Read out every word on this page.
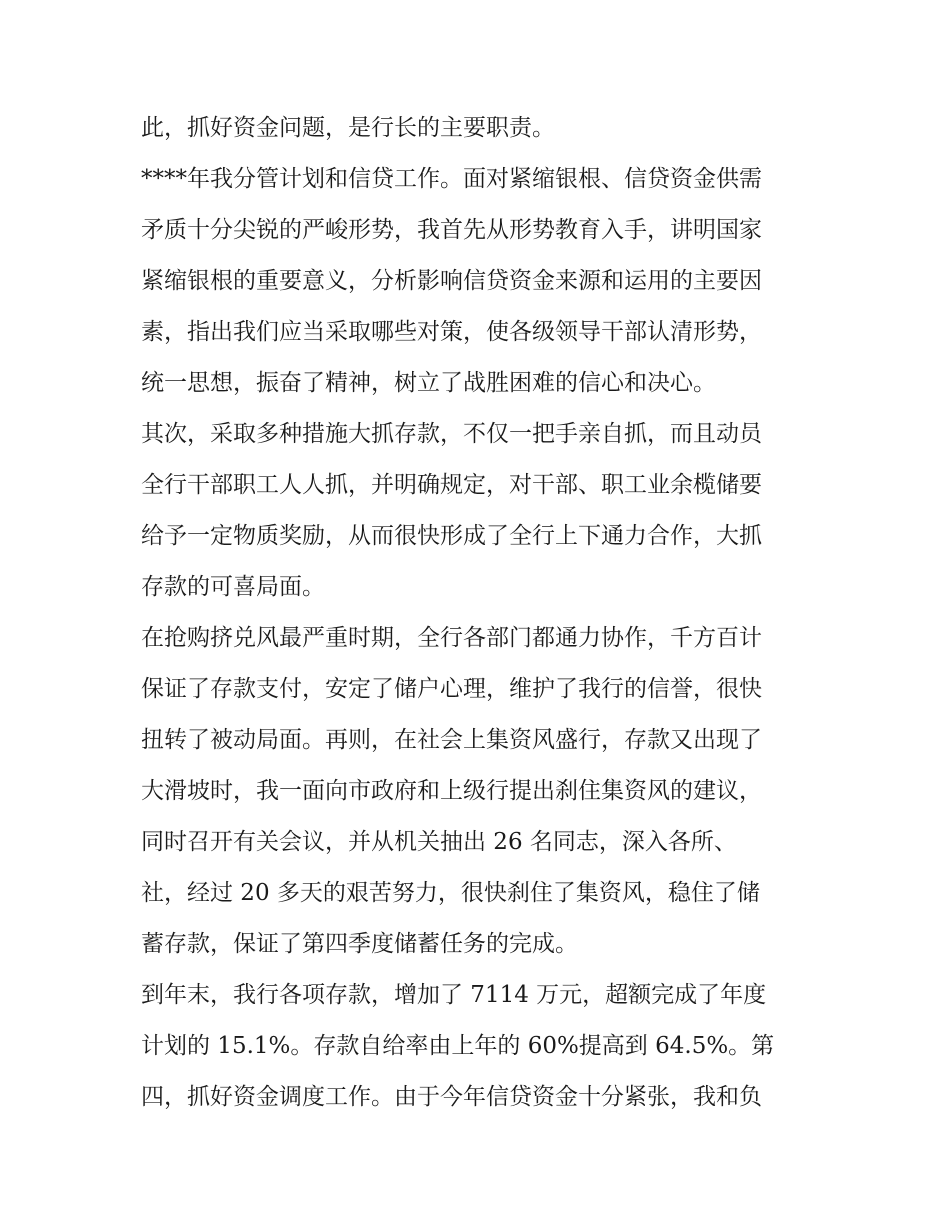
此，抓好资金问题，是行长的主要职责。
****年我分管计划和信贷工作。面对紧缩银根、信贷资金供需
矛质十分尖锐的严峻形势，我首先从形势教育入手，讲明国家
紧缩银根的重要意义，分析影响信贷资金来源和运用的主要因
素，指出我们应当采取哪些对策，使各级领导干部认清形势，
统一思想，振奋了精神，树立了战胜困难的信心和决心。
其次，采取多种措施大抓存款，不仅一把手亲自抓，而且动员
全行干部职工人人抓，并明确规定，对干部、职工业余榄储要
给予一定物质奖励，从而很快形成了全行上下通力合作，大抓
存款的可喜局面。
在抢购挤兑风最严重时期，全行各部门都通力协作，千方百计
保证了存款支付，安定了储户心理，维护了我行的信誉，很快
扭转了被动局面。再则，在社会上集资风盛行，存款又出现了
大滑坡时，我一面向市政府和上级行提出刹住集资风的建议，
同时召开有关会议，并从机关抽出 26 名同志，深入各所、
社，经过 20 多天的艰苦努力，很快刹住了集资风，稳住了储
蓄存款，保证了第四季度储蓄任务的完成。
到年末，我行各项存款，增加了 7114 万元，超额完成了年度
计划的 15.1%。存款自给率由上年的 60%提高到 64.5%。第
四，抓好资金调度工作。由于今年信贷资金十分紧张，我和负
